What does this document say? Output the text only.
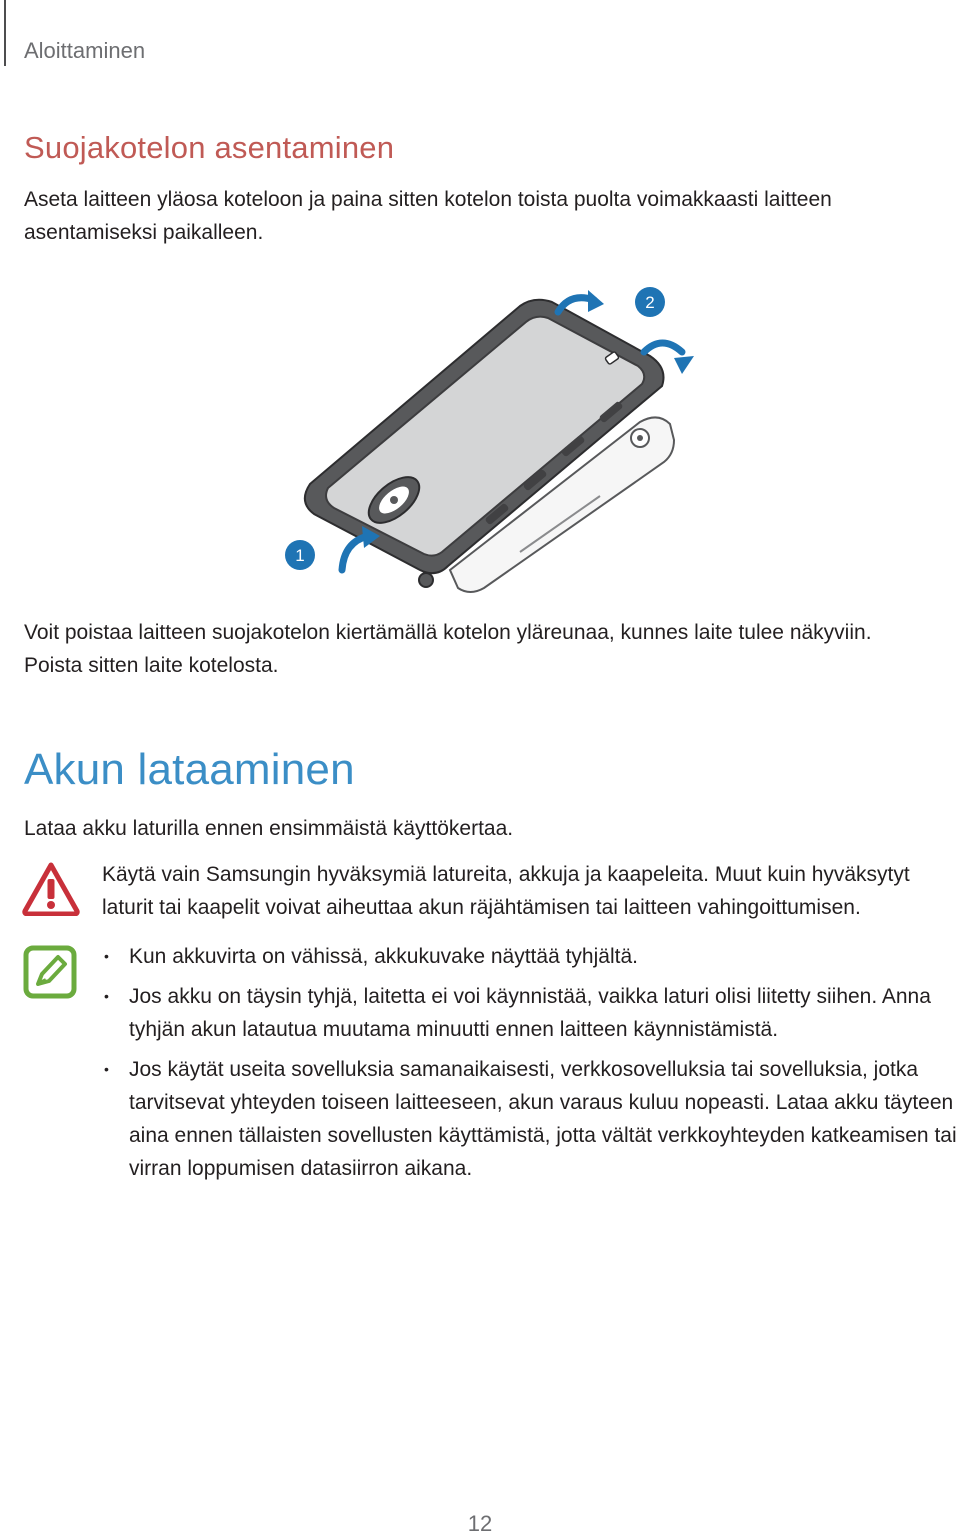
Aloittaminen
Suojakotelon asentaminen

Aseta laitteen yläosa koteloon ja paina sitten kotelon toista puolta voimakkaasti laitteen asentamiseksi paikalleen.

2
1

Voit poistaa laitteen suojakotelon kiertämällä kotelon yläreunaa, kunnes laite tulee näkyviin. Poista sitten laite kotelosta.

Akun lataaminen

Lataa akku laturilla ennen ensimmäistä käyttökertaa.

Käytä vain Samsungin hyväksymiä latureita, akkuja ja kaapeleita. Muut kuin hyväksytyt laturit tai kaapelit voivat aiheuttaa akun räjähtämisen tai laitteen vahingoittumisen.

• Kun akkuvirta on vähissä, akkukuvake näyttää tyhjältä.
• Jos akku on täysin tyhjä, laitetta ei voi käynnistää, vaikka laturi olisi liitetty siihen. Anna tyhjän akun latautua muutama minuutti ennen laitteen käynnistämistä.
• Jos käytät useita sovelluksia samanaikaisesti, verkkosovelluksia tai sovelluksia, jotka tarvitsevat yhteyden toiseen laitteeseen, akun varaus kuluu nopeasti. Lataa akku täyteen aina ennen tällaisten sovellusten käyttämistä, jotta vältät verkkoyhteyden katkeamisen tai virran loppumisen datasiirron aikana.
12
